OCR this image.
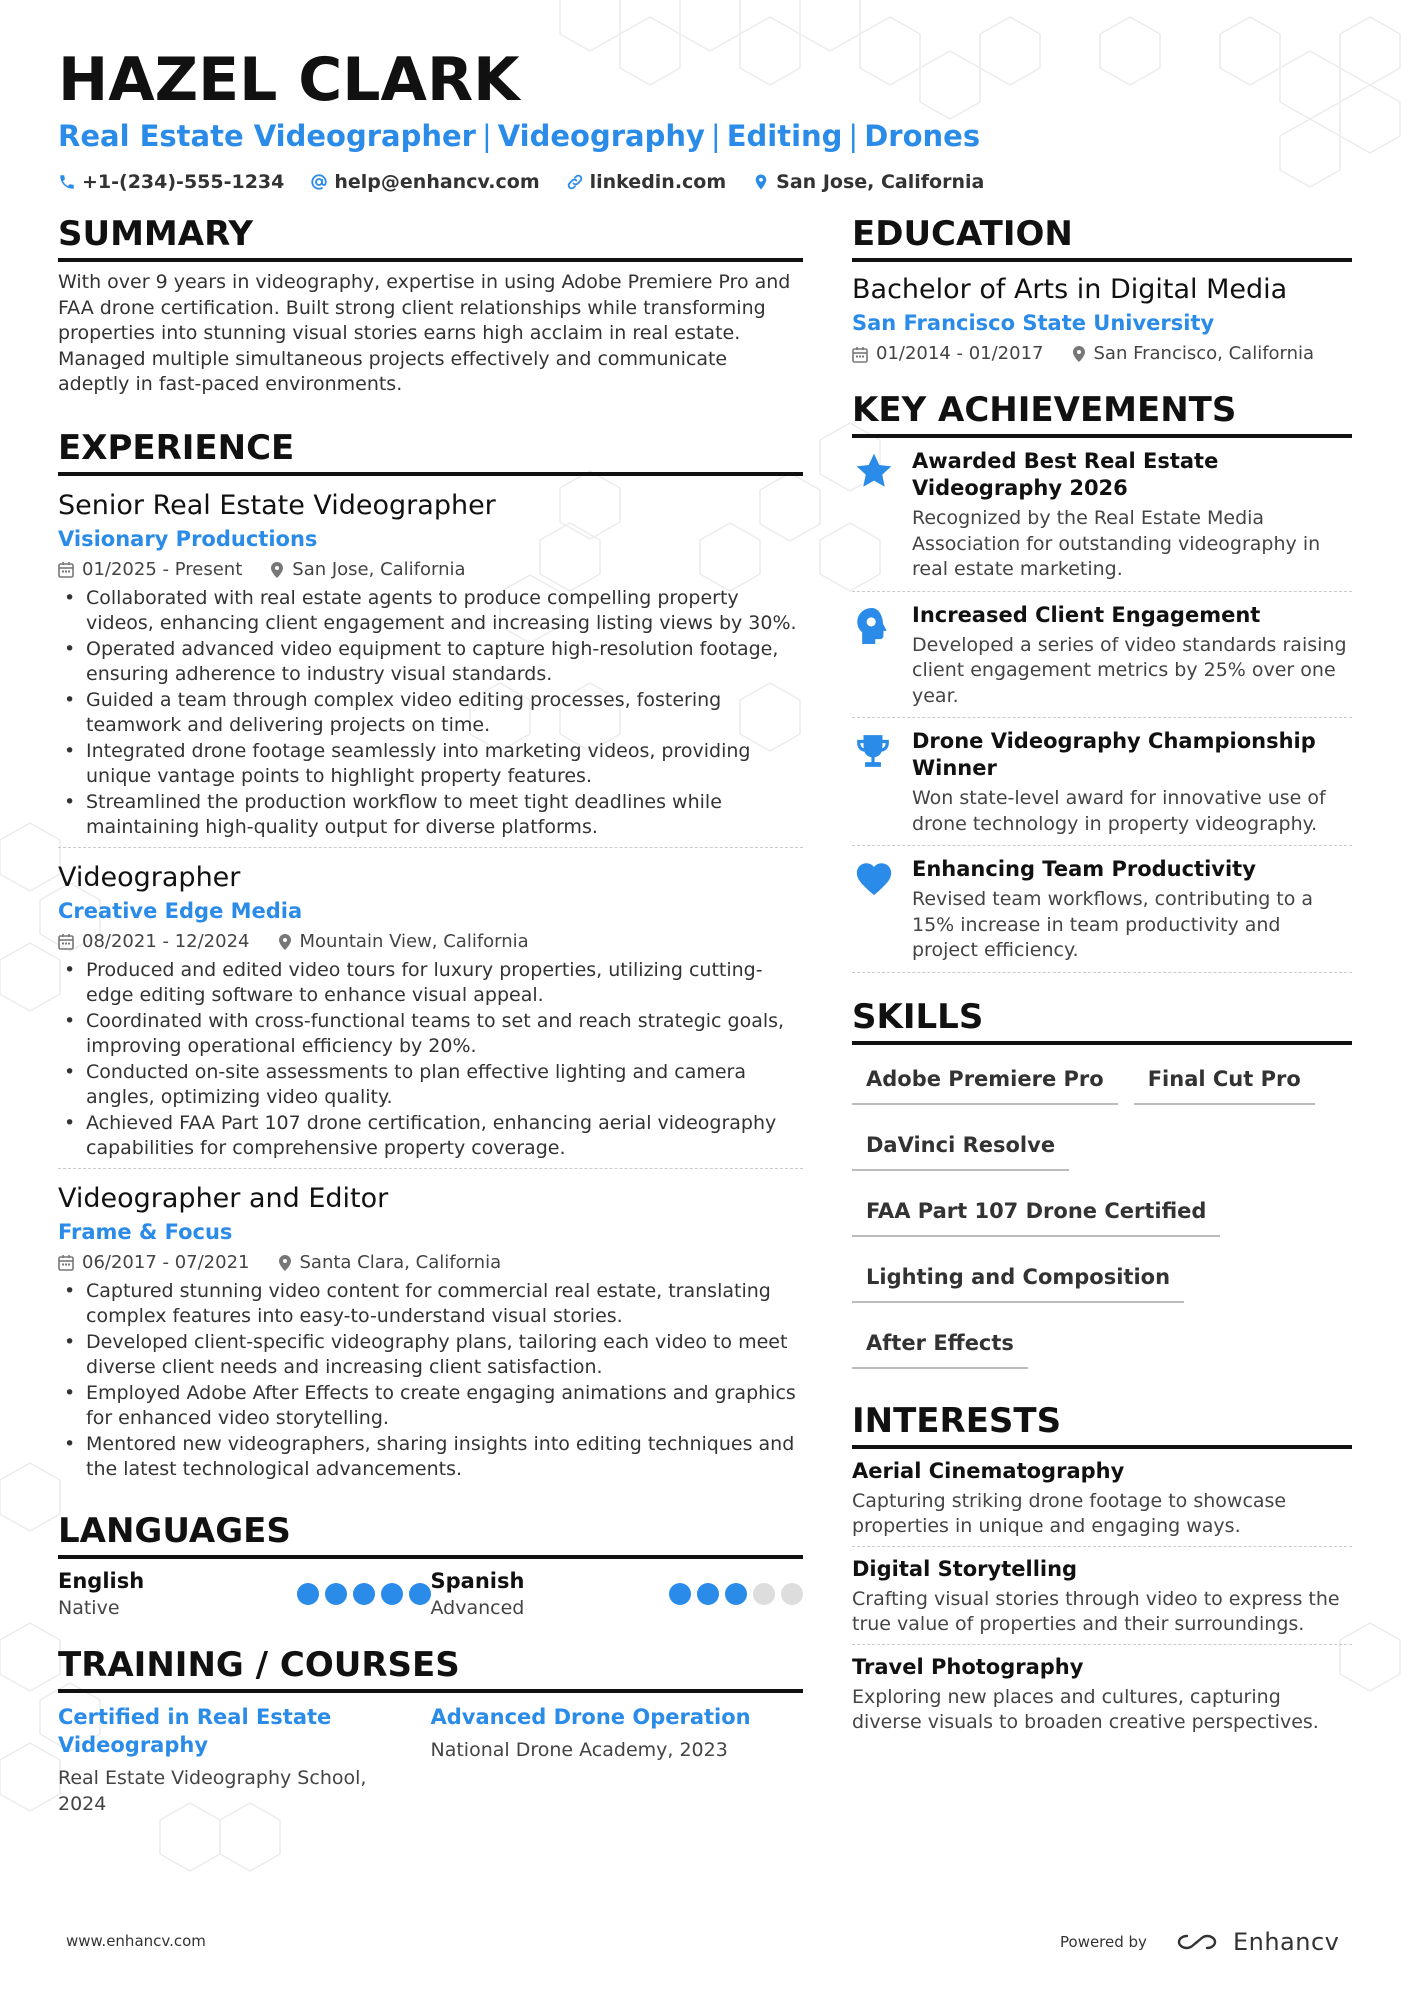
HAZEL CLARK
Real Estate Videographer | Videography | Editing | Drones
+1-(234)-555-1234	help@enhancv.com	linkedin.com	San Jose, California
SUMMARY
With over 9 years in videography, expertise in using Adobe Premiere Pro and FAA drone certification. Built strong client relationships while transforming properties into stunning visual stories earns high acclaim in real estate. Managed multiple simultaneous projects effectively and communicate adeptly in fast-paced environments.
EXPERIENCE
Senior Real Estate Videographer
Visionary Productions
01/2025 - Present	San Jose, California
• Collaborated with real estate agents to produce compelling property videos, enhancing client engagement and increasing listing views by 30%.
• Operated advanced video equipment to capture high-resolution footage, ensuring adherence to industry visual standards.
• Guided a team through complex video editing processes, fostering teamwork and delivering projects on time.
• Integrated drone footage seamlessly into marketing videos, providing unique vantage points to highlight property features.
• Streamlined the production workflow to meet tight deadlines while maintaining high-quality output for diverse platforms.
Videographer
Creative Edge Media
08/2021 - 12/2024	Mountain View, California
• Produced and edited video tours for luxury properties, utilizing cutting-edge editing software to enhance visual appeal.
• Coordinated with cross-functional teams to set and reach strategic goals, improving operational efficiency by 20%.
• Conducted on-site assessments to plan effective lighting and camera angles, optimizing video quality.
• Achieved FAA Part 107 drone certification, enhancing aerial videography capabilities for comprehensive property coverage.
Videographer and Editor
Frame & Focus
06/2017 - 07/2021	Santa Clara, California
• Captured stunning video content for commercial real estate, translating complex features into easy-to-understand visual stories.
• Developed client-specific videography plans, tailoring each video to meet diverse client needs and increasing client satisfaction.
• Employed Adobe After Effects to create engaging animations and graphics for enhanced video storytelling.
• Mentored new videographers, sharing insights into editing techniques and the latest technological advancements.
LANGUAGES
English
Native
Spanish
Advanced
TRAINING / COURSES
Certified in Real Estate Videography
Real Estate Videography School, 2024
Advanced Drone Operation
National Drone Academy, 2023
EDUCATION
Bachelor of Arts in Digital Media
San Francisco State University
01/2014 - 01/2017	San Francisco, California
KEY ACHIEVEMENTS
Awarded Best Real Estate Videography 2026
Recognized by the Real Estate Media Association for outstanding videography in real estate marketing.
Increased Client Engagement
Developed a series of video standards raising client engagement metrics by 25% over one year.
Drone Videography Championship Winner
Won state-level award for innovative use of drone technology in property videography.
Enhancing Team Productivity
Revised team workflows, contributing to a 15% increase in team productivity and project efficiency.
SKILLS
Adobe Premiere Pro	Final Cut Pro
DaVinci Resolve
FAA Part 107 Drone Certified
Lighting and Composition
After Effects
INTERESTS
Aerial Cinematography
Capturing striking drone footage to showcase properties in unique and engaging ways.
Digital Storytelling
Crafting visual stories through video to express the true value of properties and their surroundings.
Travel Photography
Exploring new places and cultures, capturing diverse visuals to broaden creative perspectives.
www.enhancv.com	Powered by	Enhancv
